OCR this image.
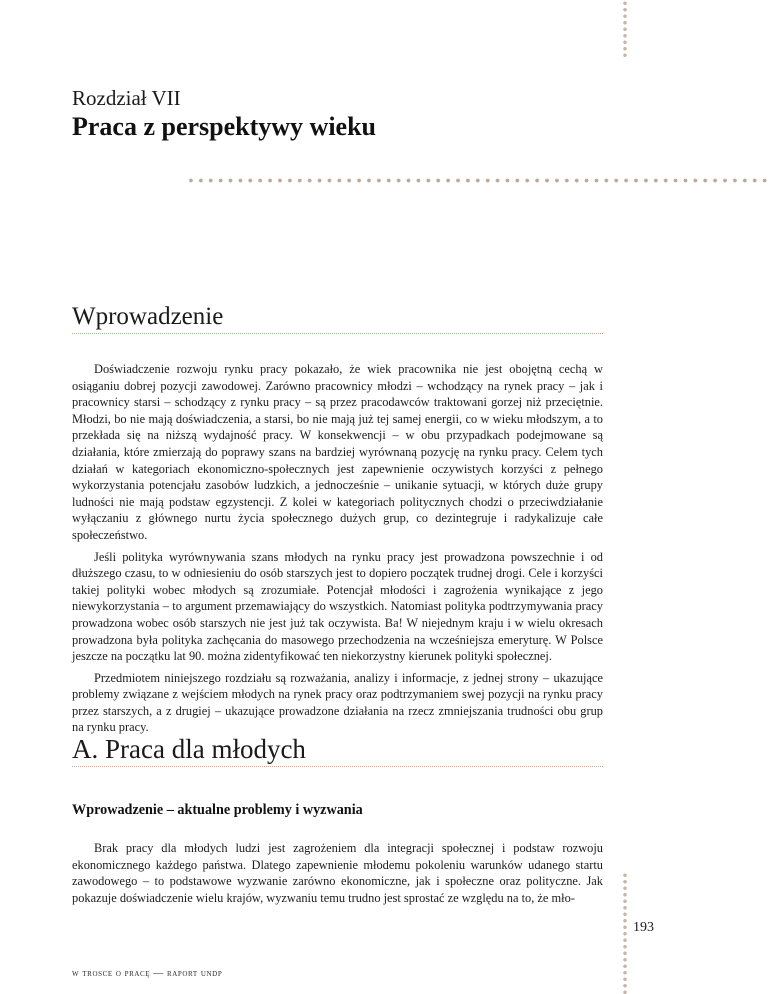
Rozdział VII
Praca z perspektywy wieku
Wprowadzenie

Doświadczenie rozwoju rynku pracy pokazało, że wiek pracownika nie jest obojętną cechą w osiąganiu dobrej pozycji zawodowej. Zarówno pracownicy młodzi – wchodzący na rynek pracy – jak i pracownicy starsi – schodzący z rynku pracy – są przez pracodawców traktowani gorzej niż przeciętnie. Młodzi, bo nie mają doświadczenia, a starsi, bo nie mają już tej samej energii, co w wieku młodszym, a to przekłada się na niższą wydajność pracy. W konsekwencji – w obu przypadkach podejmowane są działania, które zmierzają do poprawy szans na bardziej wyrównaną pozycję na rynku pracy. Celem tych działań w kategoriach ekonomiczno-społecznych jest zapewnienie oczywistych korzyści z pełnego wykorzystania potencjału zasobów ludzkich, a jednocześnie – unikanie sytuacji, w których duże grupy ludności nie mają podstaw egzystencji. Z kolei w kategoriach politycznych chodzi o przeciwdziałanie wyłączaniu z głównego nurtu życia społecznego dużych grup, co dezintegruje i radykalizuje całe społeczeństwo.

Jeśli polityka wyrównywania szans młodych na rynku pracy jest prowadzona powszechnie i od dłuższego czasu, to w odniesieniu do osób starszych jest to dopiero początek trudnej drogi. Cele i korzyści takiej polityki wobec młodych są zrozumiałe. Potencjał młodości i zagrożenia wynikające z jego niewykorzystania – to argument przemawiający do wszystkich. Natomiast polityka podtrzymywania pracy prowadzona wobec osób starszych nie jest już tak oczywista. Ba! W niejednym kraju i w wielu okresach prowadzona była polityka zachęcania do masowego przechodzenia na wcześniejsza emeryturę. W Polsce jeszcze na początku lat 90. można zidentyfikować ten niekorzystny kierunek polityki społecznej.

Przedmiotem niniejszego rozdziału są rozważania, analizy i informacje, z jednej strony – ukazujące problemy związane z wejściem młodych na rynek pracy oraz podtrzymaniem swej pozycji na rynku pracy przez starszych, a z drugiej – ukazujące prowadzone działania na rzecz zmniejszania trudności obu grup na rynku pracy.

A. Praca dla młodych
Wprowadzenie – aktualne problemy i wyzwania

Brak pracy dla młodych ludzi jest zagrożeniem dla integracji społecznej i podstaw rozwoju ekonomicznego każdego państwa. Dlatego zapewnienie młodemu pokoleniu warunków udanego startu zawodowego – to podstawowe wyzwanie zarówno ekonomiczne, jak i społeczne oraz polityczne. Jak pokazuje doświadczenie wielu krajów, wyzwaniu temu trudno jest sprostać ze względu na to, że mło-

193
w trosce o pracę — raport undp
